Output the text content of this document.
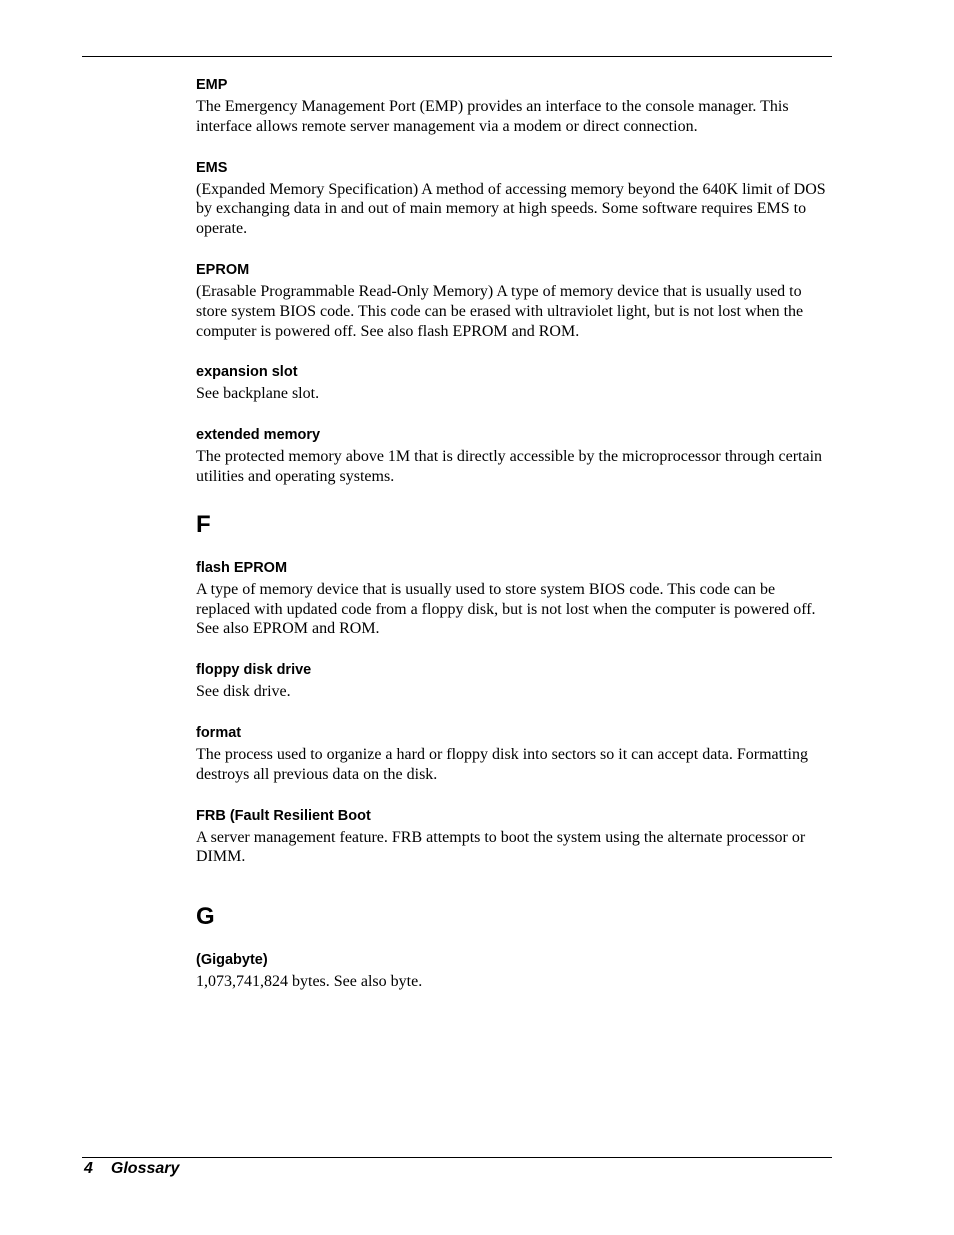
EMP

The Emergency Management Port (EMP) provides an interface to the console manager. This interface allows remote server management via a modem or direct connection.

EMS

(Expanded Memory Specification) A method of accessing memory beyond the 640K limit of DOS by exchanging data in and out of main memory at high speeds. Some software requires EMS to operate.

EPROM

(Erasable Programmable Read-Only Memory) A type of memory device that is usually used to store system BIOS code. This code can be erased with ultraviolet light, but is not lost when the computer is powered off. See also flash EPROM and ROM.

expansion slot

See backplane slot.

extended memory

The protected memory above 1M that is directly accessible by the microprocessor through certain utilities and operating systems.

F

flash EPROM

A type of memory device that is usually used to store system BIOS code. This code can be replaced with updated code from a floppy disk, but is not lost when the computer is powered off. See also EPROM and ROM.

floppy disk drive

See disk drive.

format

The process used to organize a hard or floppy disk into sectors so it can accept data. Formatting destroys all previous data on the disk.

FRB (Fault Resilient Boot

A server management feature. FRB attempts to boot the system using the alternate processor or DIMM.

G

(Gigabyte)

1,073,741,824 bytes. See also byte.

4 Glossary
